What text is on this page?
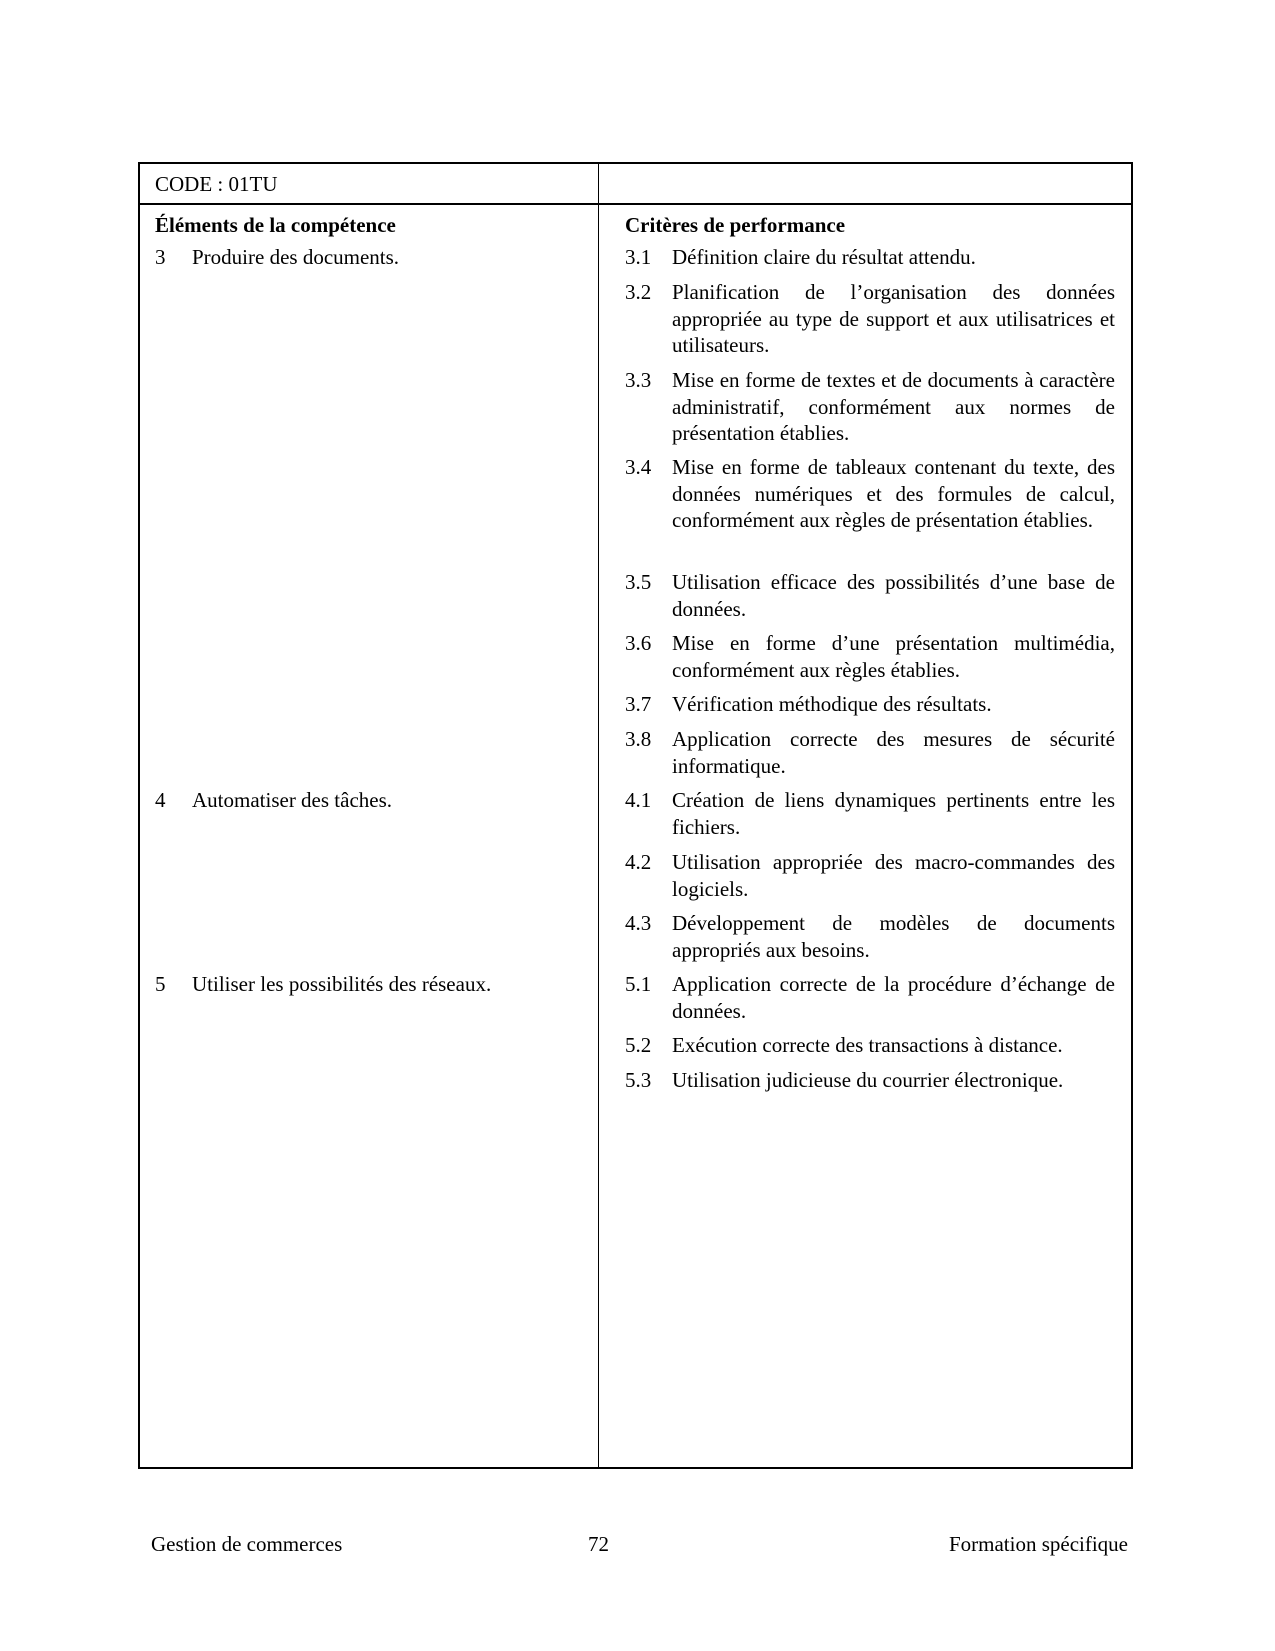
CODE : 01TU
Éléments de la compétence
3 Produire des documents.
4 Automatiser des tâches.
5 Utiliser les possibilités des réseaux.
Critères de performance
3.1 Définition claire du résultat attendu.
3.2 Planification de l’organisation des données appropriée au type de support et aux utilisatrices et utilisateurs.
3.3 Mise en forme de textes et de documents à caractère administratif, conformément aux normes de présentation établies.
3.4 Mise en forme de tableaux contenant du texte, des données numériques et des formules de calcul, conformément aux règles de présentation établies.
3.5 Utilisation efficace des possibilités d’une base de données.
3.6 Mise en forme d’une présentation multimédia, conformément aux règles établies.
3.7 Vérification méthodique des résultats.
3.8 Application correcte des mesures de sécurité informatique.
4.1 Création de liens dynamiques pertinents entre les fichiers.
4.2 Utilisation appropriée des macro-commandes des logiciels.
4.3 Développement de modèles de documents appropriés aux besoins.
5.1 Application correcte de la procédure d’échange de données.
5.2 Exécution correcte des transactions à distance.
5.3 Utilisation judicieuse du courrier électronique.
Gestion de commerces	72	Formation spécifique
